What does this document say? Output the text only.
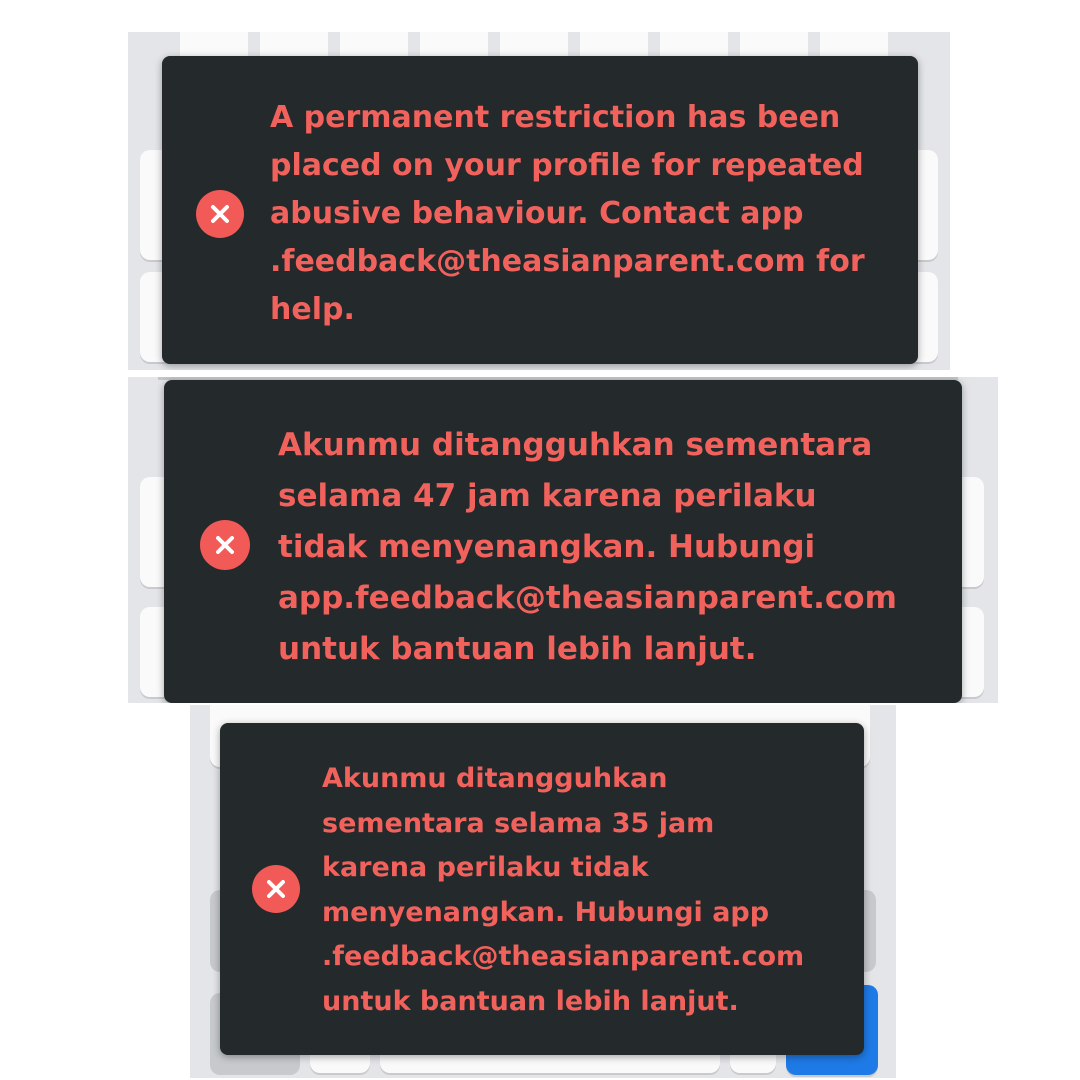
A permanent restriction has been
placed on your profile for repeated
abusive behaviour. Contact app
.feedback@theasianparent.com for
help.

Akunmu ditangguhkan sementara
selama 47 jam karena perilaku
tidak menyenangkan. Hubungi
app.feedback@theasianparent.com
untuk bantuan lebih lanjut.

Akunmu ditangguhkan
sementara selama 35 jam
karena perilaku tidak
menyenangkan. Hubungi app
.feedback@theasianparent.com
untuk bantuan lebih lanjut.
